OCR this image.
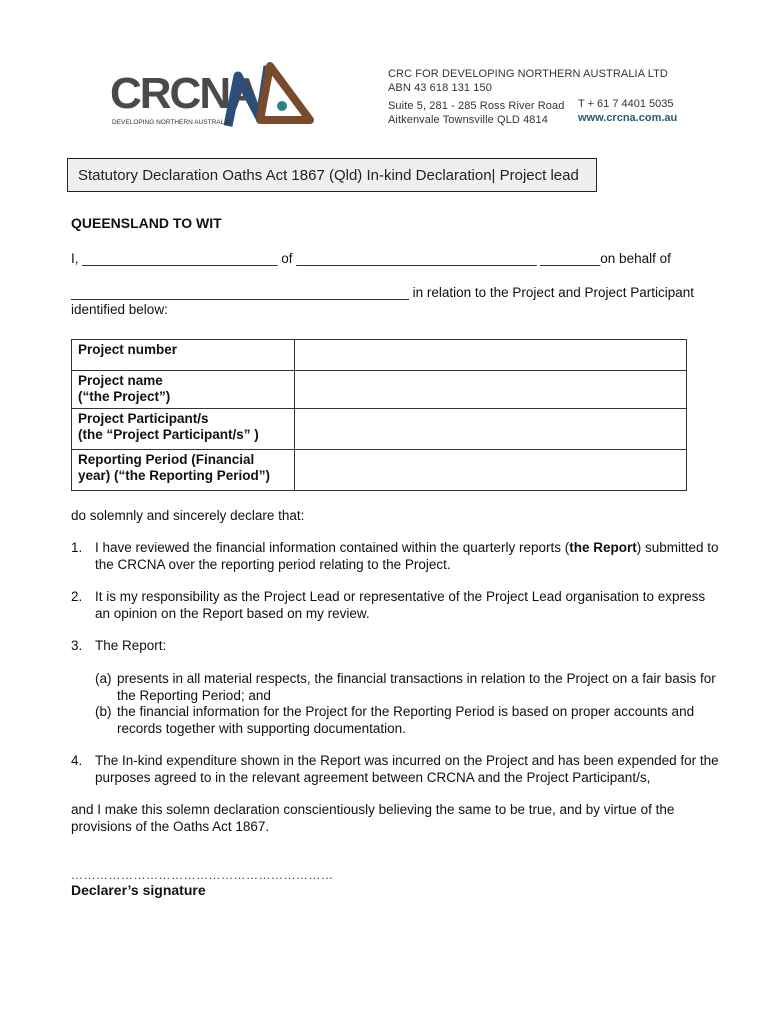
CRCNA
DEVELOPING NORTHERN AUSTRALIA
CRC FOR DEVELOPING NORTHERN AUSTRALIA LTD
ABN 43 618 131 150
Suite 5, 281 - 285 Ross River Road
Aitkenvale Townsville QLD 4814
T + 61 7 4401 5035
www.crcna.com.au
Statutory Declaration Oaths Act 1867 (Qld) In-kind Declaration| Project lead
QUEENSLAND TO WIT
I, __________________________ of ________________________________ ________on behalf of
_____________________________________________ in relation to the Project and Project Participant
identified below:
Project number	

Project name
(“the Project”)	

Project Participant/s
(the “Project Participant/s” )	

Reporting Period (Financial
year) (“the Reporting Period”)	

do solemnly and sincerely declare that:
1. I have reviewed the financial information contained within the quarterly reports (the Report) submitted to the CRCNA over the reporting period relating to the Project.
2. It is my responsibility as the Project Lead or representative of the Project Lead organisation to express an opinion on the Report based on my review.
3. The Report:
(a) presents in all material respects, the financial transactions in relation to the Project on a fair basis for the Reporting Period; and
(b) the financial information for the Project for the Reporting Period is based on proper accounts and records together with supporting documentation.
4. The In-kind expenditure shown in the Report was incurred on the Project and has been expended for the purposes agreed to in the relevant agreement between CRCNA and the Project Participant/s,
and I make this solemn declaration conscientiously believing the same to be true, and by virtue of the provisions of the Oaths Act 1867.
………………………………………………………
Declarer’s signature
